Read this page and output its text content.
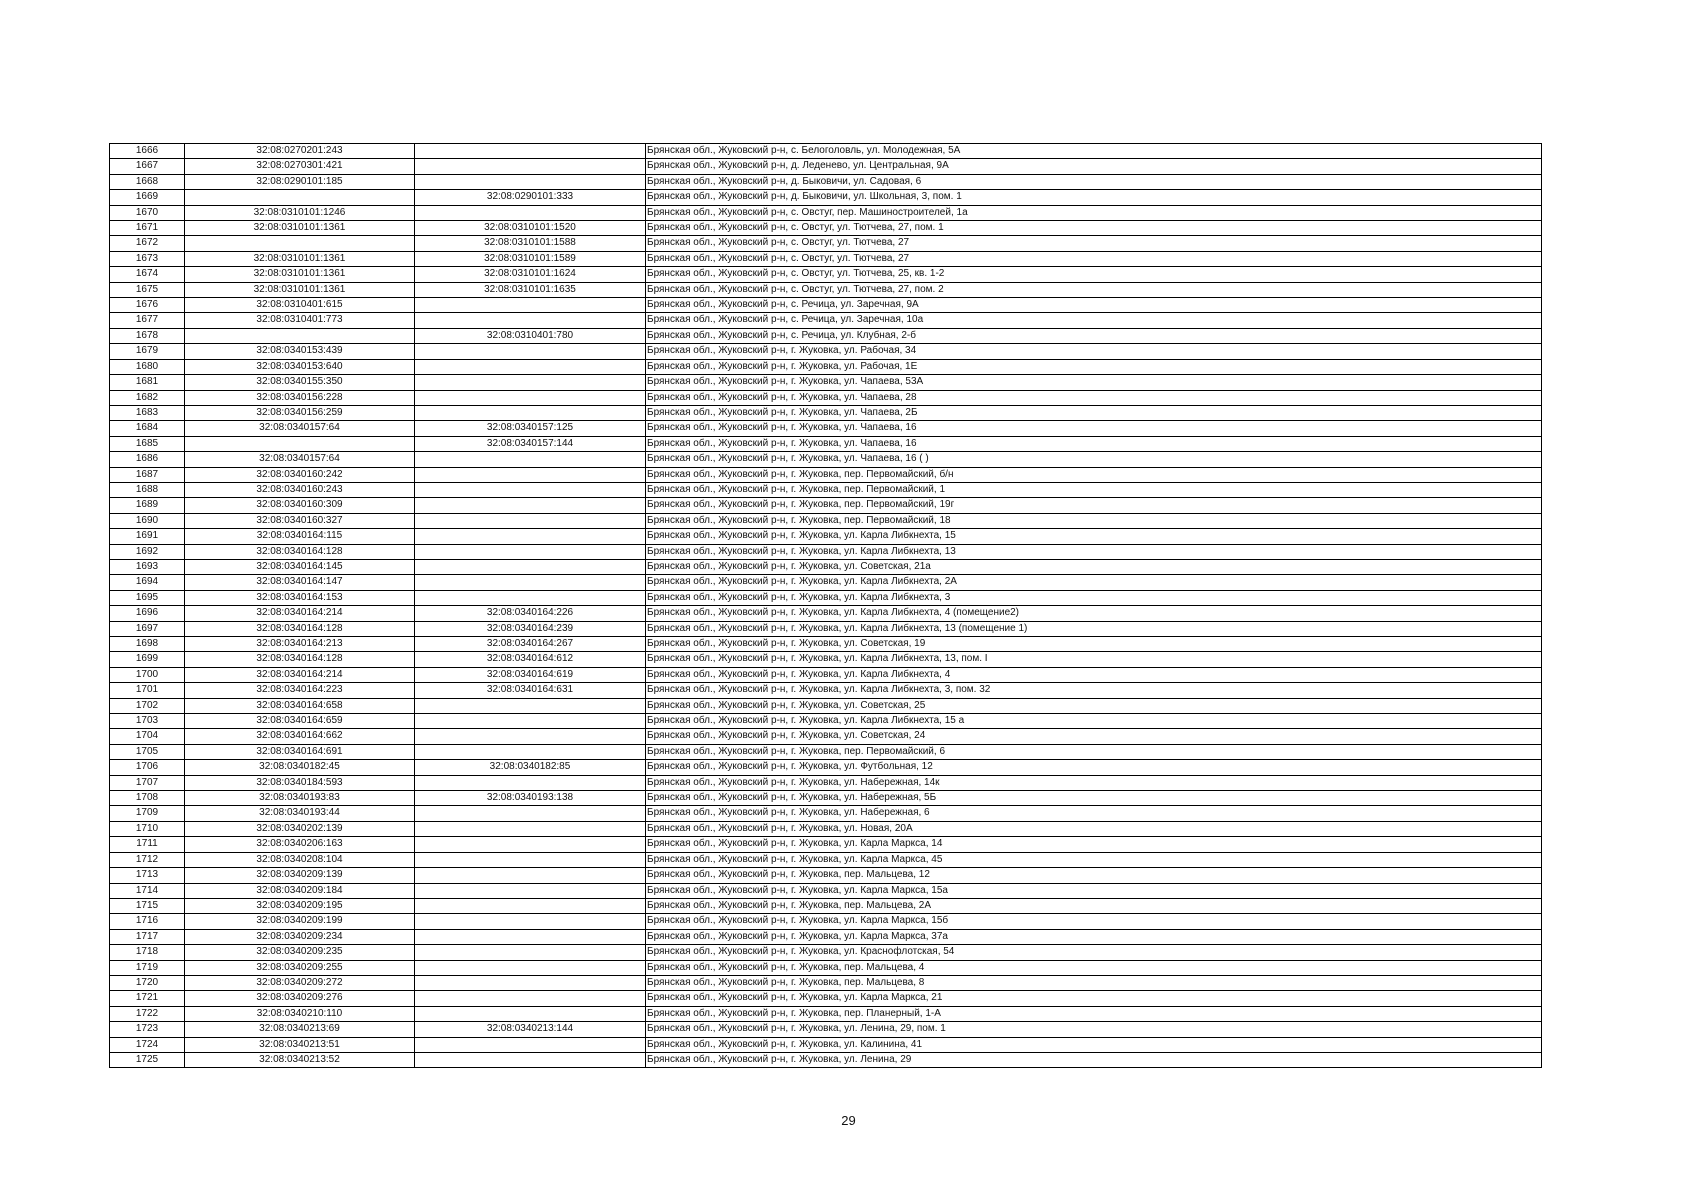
1666	32:08:0270201:243		Брянская обл., Жуковский р-н, с. Белоголовль, ул. Молодежная, 5А
1667	32:08:0270301:421		Брянская обл., Жуковский р-н, д. Леденево, ул. Центральная, 9А
1668	32:08:0290101:185		Брянская обл., Жуковский р-н, д. Быковичи, ул. Садовая, 6
1669		32:08:0290101:333	Брянская обл., Жуковский р-н, д. Быковичи, ул. Школьная, 3, пом. 1
1670	32:08:0310101:1246		Брянская обл., Жуковский р-н, с. Овстуг, пер. Машиностроителей, 1а
1671	32:08:0310101:1361	32:08:0310101:1520	Брянская обл., Жуковский р-н, с. Овстуг, ул. Тютчева, 27, пом. 1
1672		32:08:0310101:1588	Брянская обл., Жуковский р-н, с. Овстуг, ул. Тютчева, 27
1673	32:08:0310101:1361	32:08:0310101:1589	Брянская обл., Жуковский р-н, с. Овстуг, ул. Тютчева, 27
1674	32:08:0310101:1361	32:08:0310101:1624	Брянская обл., Жуковский р-н, с. Овстуг, ул. Тютчева, 25, кв. 1-2
1675	32:08:0310101:1361	32:08:0310101:1635	Брянская обл., Жуковский р-н, с. Овстуг, ул. Тютчева, 27, пом. 2
1676	32:08:0310401:615		Брянская обл., Жуковский р-н, с. Речица, ул. Заречная, 9А
1677	32:08:0310401:773		Брянская обл., Жуковский р-н, с. Речица, ул. Заречная, 10а
1678		32:08:0310401:780	Брянская обл., Жуковский р-н, с. Речица, ул. Клубная, 2-б
1679	32:08:0340153:439		Брянская обл., Жуковский р-н, г. Жуковка, ул. Рабочая, 34
1680	32:08:0340153:640		Брянская обл., Жуковский р-н, г. Жуковка, ул. Рабочая, 1Е
1681	32:08:0340155:350		Брянская обл., Жуковский р-н, г. Жуковка, ул. Чапаева, 53А
1682	32:08:0340156:228		Брянская обл., Жуковский р-н, г. Жуковка, ул. Чапаева, 28
1683	32:08:0340156:259		Брянская обл., Жуковский р-н, г. Жуковка, ул. Чапаева, 2Б
1684	32:08:0340157:64	32:08:0340157:125	Брянская обл., Жуковский р-н, г. Жуковка, ул. Чапаева, 16
1685		32:08:0340157:144	Брянская обл., Жуковский р-н, г. Жуковка, ул. Чапаева, 16
1686	32:08:0340157:64		Брянская обл., Жуковский р-н, г. Жуковка, ул. Чапаева, 16 ( )
1687	32:08:0340160:242		Брянская обл., Жуковский р-н, г. Жуковка, пер. Первомайский, б/н
1688	32:08:0340160:243		Брянская обл., Жуковский р-н, г. Жуковка, пер. Первомайский, 1
1689	32:08:0340160:309		Брянская обл., Жуковский р-н, г. Жуковка, пер. Первомайский, 19г
1690	32:08:0340160:327		Брянская обл., Жуковский р-н, г. Жуковка, пер. Первомайский, 18
1691	32:08:0340164:115		Брянская обл., Жуковский р-н, г. Жуковка, ул. Карла Либкнехта, 15
1692	32:08:0340164:128		Брянская обл., Жуковский р-н, г. Жуковка, ул. Карла Либкнехта, 13
1693	32:08:0340164:145		Брянская обл., Жуковский р-н, г. Жуковка, ул. Советская, 21а
1694	32:08:0340164:147		Брянская обл., Жуковский р-н, г. Жуковка, ул. Карла Либкнехта, 2А
1695	32:08:0340164:153		Брянская обл., Жуковский р-н, г. Жуковка, ул. Карла Либкнехта, 3
1696	32:08:0340164:214	32:08:0340164:226	Брянская обл., Жуковский р-н, г. Жуковка, ул. Карла Либкнехта, 4 (помещение2)
1697	32:08:0340164:128	32:08:0340164:239	Брянская обл., Жуковский р-н, г. Жуковка, ул. Карла Либкнехта, 13 (помещение 1)
1698	32:08:0340164:213	32:08:0340164:267	Брянская обл., Жуковский р-н, г. Жуковка, ул. Советская, 19
1699	32:08:0340164:128	32:08:0340164:612	Брянская обл., Жуковский р-н, г. Жуковка, ул. Карла Либкнехта, 13, пом. I
1700	32:08:0340164:214	32:08:0340164:619	Брянская обл., Жуковский р-н, г. Жуковка, ул. Карла Либкнехта, 4
1701	32:08:0340164:223	32:08:0340164:631	Брянская обл., Жуковский р-н, г. Жуковка, ул. Карла Либкнехта, 3, пом. 32
1702	32:08:0340164:658		Брянская обл., Жуковский р-н, г. Жуковка, ул. Советская, 25
1703	32:08:0340164:659		Брянская обл., Жуковский р-н, г. Жуковка, ул. Карла Либкнехта, 15 а
1704	32:08:0340164:662		Брянская обл., Жуковский р-н, г. Жуковка, ул. Советская, 24
1705	32:08:0340164:691		Брянская обл., Жуковский р-н, г. Жуковка, пер. Первомайский, 6
1706	32:08:0340182:45	32:08:0340182:85	Брянская обл., Жуковский р-н, г. Жуковка, ул. Футбольная, 12
1707	32:08:0340184:593		Брянская обл., Жуковский р-н, г. Жуковка, ул. Набережная, 14к
1708	32:08:0340193:83	32:08:0340193:138	Брянская обл., Жуковский р-н, г. Жуковка, ул. Набережная, 5Б
1709	32:08:0340193:44		Брянская обл., Жуковский р-н, г. Жуковка, ул. Набережная, 6
1710	32:08:0340202:139		Брянская обл., Жуковский р-н, г. Жуковка, ул. Новая, 20А
1711	32:08:0340206:163		Брянская обл., Жуковский р-н, г. Жуковка, ул. Карла Маркса, 14
1712	32:08:0340208:104		Брянская обл., Жуковский р-н, г. Жуковка, ул. Карла Маркса, 45
1713	32:08:0340209:139		Брянская обл., Жуковский р-н, г. Жуковка, пер. Мальцева, 12
1714	32:08:0340209:184		Брянская обл., Жуковский р-н, г. Жуковка, ул. Карла Маркса, 15а
1715	32:08:0340209:195		Брянская обл., Жуковский р-н, г. Жуковка, пер. Мальцева, 2А
1716	32:08:0340209:199		Брянская обл., Жуковский р-н, г. Жуковка, ул. Карла Маркса, 15б
1717	32:08:0340209:234		Брянская обл., Жуковский р-н, г. Жуковка, ул. Карла Маркса, 37а
1718	32:08:0340209:235		Брянская обл., Жуковский р-н, г. Жуковка, ул. Краснофлотская, 54
1719	32:08:0340209:255		Брянская обл., Жуковский р-н, г. Жуковка, пер. Мальцева, 4
1720	32:08:0340209:272		Брянская обл., Жуковский р-н, г. Жуковка, пер. Мальцева, 8
1721	32:08:0340209:276		Брянская обл., Жуковский р-н, г. Жуковка, ул. Карла Маркса, 21
1722	32:08:0340210:110		Брянская обл., Жуковский р-н, г. Жуковка, пер. Планерный, 1-А
1723	32:08:0340213:69	32:08:0340213:144	Брянская обл., Жуковский р-н, г. Жуковка, ул. Ленина, 29, пом. 1
1724	32:08:0340213:51		Брянская обл., Жуковский р-н, г. Жуковка, ул. Калинина, 41
1725	32:08:0340213:52		Брянская обл., Жуковский р-н, г. Жуковка, ул. Ленина, 29
29
